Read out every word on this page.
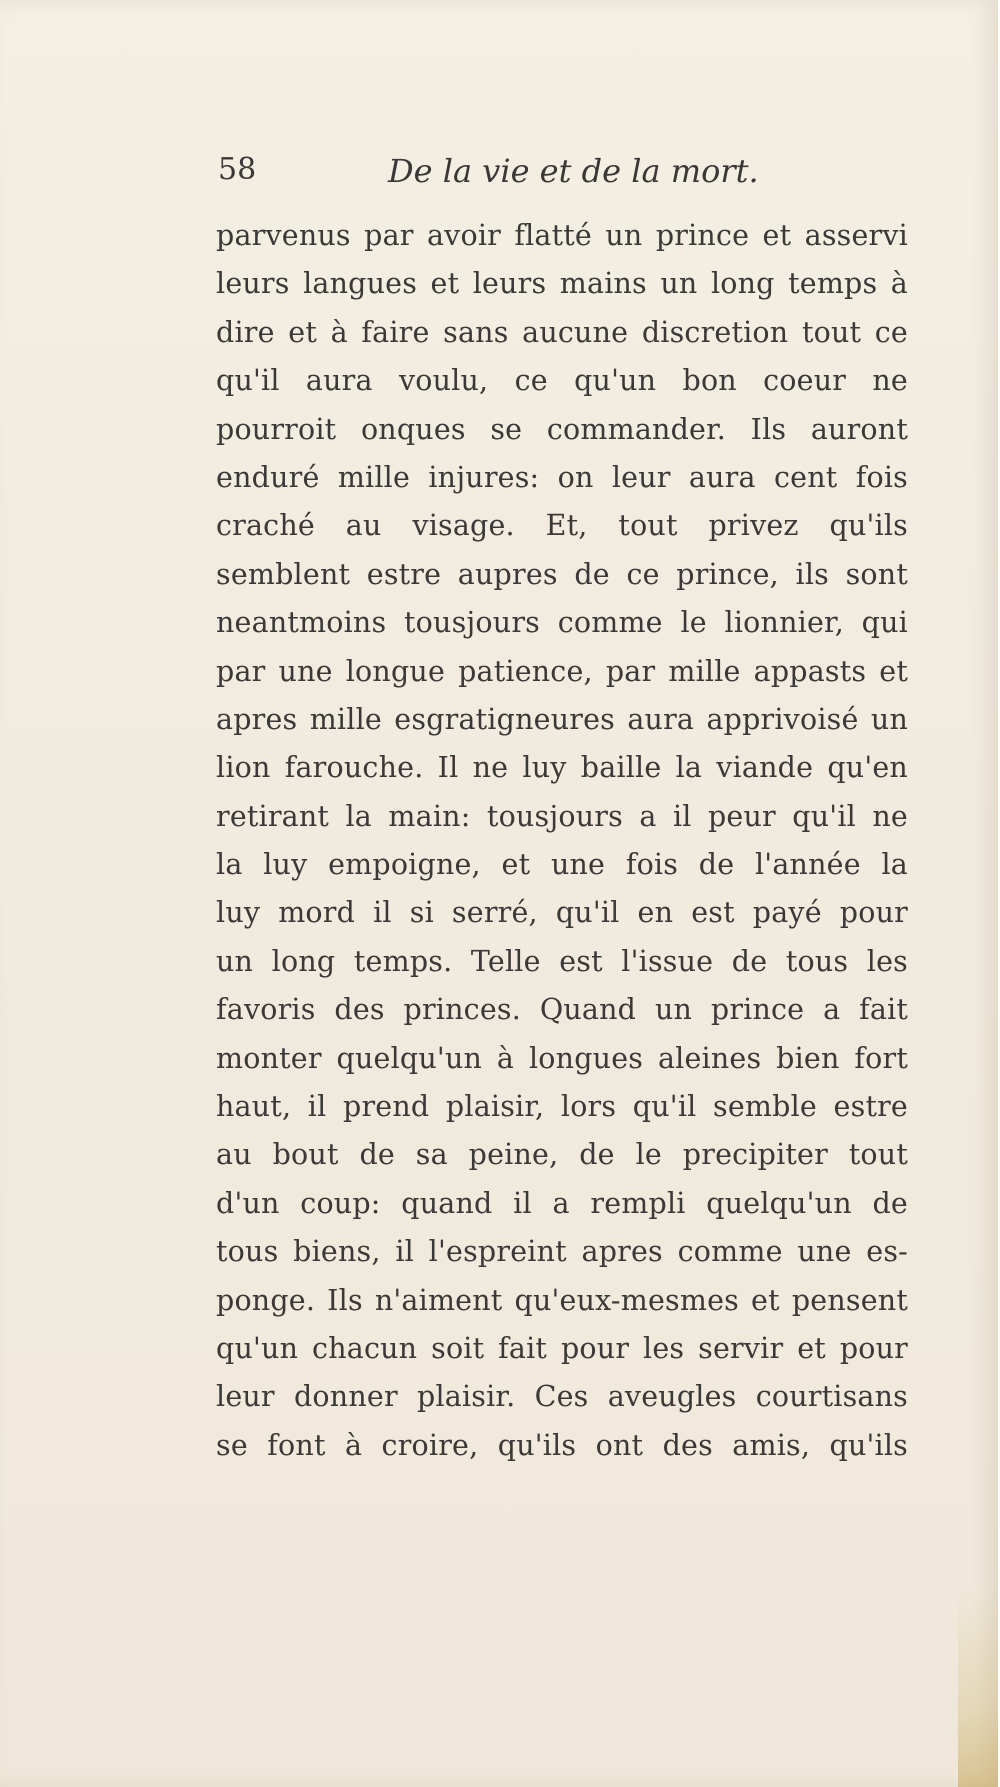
58	De la vie et de la mort.
parvenus par avoir flatté un prince et asservi
leurs langues et leurs mains un long temps à
dire et à faire sans aucune discretion tout ce
qu'il aura voulu, ce qu'un bon coeur ne
pourroit onques se commander. Ils auront
enduré mille injures: on leur aura cent fois
craché au visage. Et, tout privez qu'ils
semblent estre aupres de ce prince, ils sont
neantmoins tousjours comme le lionnier, qui
par une longue patience, par mille appasts et
apres mille esgratigneures aura apprivoisé un
lion farouche. Il ne luy baille la viande qu'en
retirant la main: tousjours a il peur qu'il ne
la luy empoigne, et une fois de l'année la
luy mord il si serré, qu'il en est payé pour
un long temps. Telle est l'issue de tous les
favoris des princes. Quand un prince a fait
monter quelqu'un à longues aleines bien fort
haut, il prend plaisir, lors qu'il semble estre
au bout de sa peine, de le precipiter tout
d'un coup: quand il a rempli quelqu'un de
tous biens, il l'espreint apres comme une es-
ponge. Ils n'aiment qu'eux-mesmes et pensent
qu'un chacun soit fait pour les servir et pour
leur donner plaisir. Ces aveugles courtisans
se font à croire, qu'ils ont des amis, qu'ils
